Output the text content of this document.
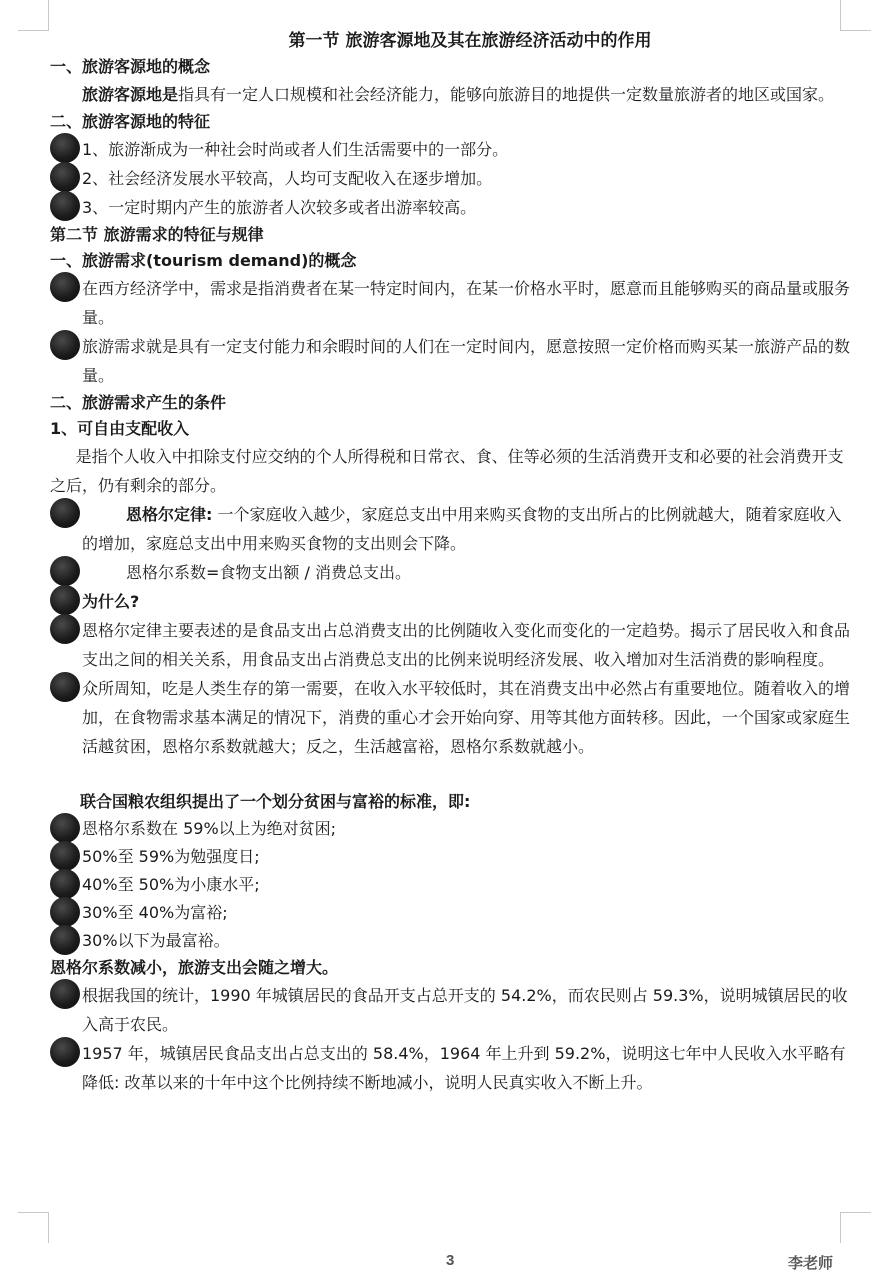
第一节 旅游客源地及其在旅游经济活动中的作用
一、旅游客源地的概念
旅游客源地是指具有一定人口规模和社会经济能力，能够向旅游目的地提供一定数量旅游者的地区或国家。
二、旅游客源地的特征
1、旅游渐成为一种社会时尚或者人们生活需要中的一部分。
2、社会经济发展水平较高，人均可支配收入在逐步增加。
3、一定时期内产生的旅游者人次较多或者出游率较高。
第二节 旅游需求的特征与规律
一、旅游需求(tourism demand)的概念
在西方经济学中，需求是指消费者在某一特定时间内，在某一价格水平时，愿意而且能够购买的商品量或服务量。
旅游需求就是具有一定支付能力和余暇时间的人们在一定时间内，愿意按照一定价格而购买某一旅游产品的数量。
二、旅游需求产生的条件
1、可自由支配收入
是指个人收入中扣除支付应交纳的个人所得税和日常衣、食、住等必须的生活消费开支和必要的社会消费开支之后，仍有剩余的部分。
恩格尔定律: 一个家庭收入越少，家庭总支出中用来购买食物的支出所占的比例就越大，随着家庭收入的增加，家庭总支出中用来购买食物的支出则会下降。
恩格尔系数=食物支出额 / 消费总支出。
为什么?
恩格尔定律主要表述的是食品支出占总消费支出的比例随收入变化而变化的一定趋势。揭示了居民收入和食品支出之间的相关关系，用食品支出占消费总支出的比例来说明经济发展、收入增加对生活消费的影响程度。
众所周知，吃是人类生存的第一需要，在收入水平较低时，其在消费支出中必然占有重要地位。随着收入的增加，在食物需求基本满足的情况下，消费的重心才会开始向穿、用等其他方面转移。因此，一个国家或家庭生活越贫困，恩格尔系数就越大；反之，生活越富裕，恩格尔系数就越小。
联合国粮农组织提出了一个划分贫困与富裕的标准，即:
恩格尔系数在 59%以上为绝对贫困;
50%至 59%为勉强度日;
40%至 50%为小康水平;
30%至 40%为富裕;
30%以下为最富裕。
恩格尔系数减小，旅游支出会随之增大。
根据我国的统计，1990 年城镇居民的食品开支占总开支的 54.2%，而农民则占 59.3%，说明城镇居民的收入高于农民。
1957 年，城镇居民食品支出占总支出的 58.4%，1964 年上升到 59.2%，说明这七年中人民收入水平略有降低: 改革以来的十年中这个比例持续不断地减小，说明人民真实收入不断上升。
3	李老师
